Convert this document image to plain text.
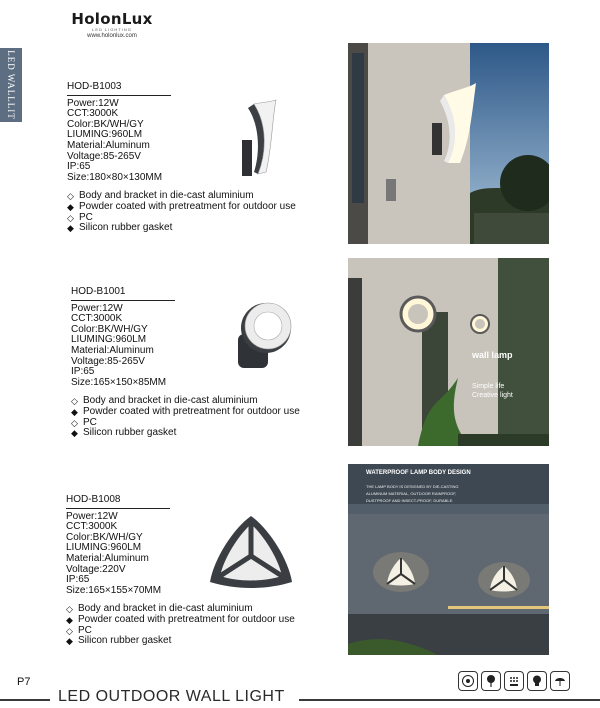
HolonLux
LED LIGHTING
www.holonlux.com
LED WALLLIT	HOD-B1003
Power:12W
CCT:3000K
Color:BK/WH/GY
LIUMING:960LM
Material:Aluminum
Voltage:85-265V
IP:65
Size:180×80×130MM
◇ Body and bracket in die-cast aluminium
◆ Powder coated with pretreatment for outdoor use
◇ PC
◆ Silicon rubber gasket
HOD-B1001
Power:12W
CCT:3000K
Color:BK/WH/GY
LIUMING:960LM
Material:Aluminum
Voltage:85-265V
IP:65
Size:165×150×85MM
◇ Body and bracket in die-cast aluminium
◆ Powder coated with pretreatment for outdoor use
◇ PC
◆ Silicon rubber gasket
HOD-B1008
Power:12W
CCT:3000K
Color:BK/WH/GY
LIUMING:960LM
Material:Aluminum
Voltage:220V
IP:65
Size:165×155×70MM
◇ Body and bracket in die-cast aluminium
◆ Powder coated with pretreatment for outdoor use
◇ PC
◆ Silicon rubber gasket
wall lamp
Simple life
Creative light
WATERPROOF LAMP BODY DESIGN
THE LAMP BODY IS DESIGNED BY DIE-CASTING
ALUMINUM MATERIAL, OUTDOOR RAINPROOF,
DUSTPROOF AND INSECT-PROOF, DURABLE.
P7
LED OUTDOOR WALL LIGHT
